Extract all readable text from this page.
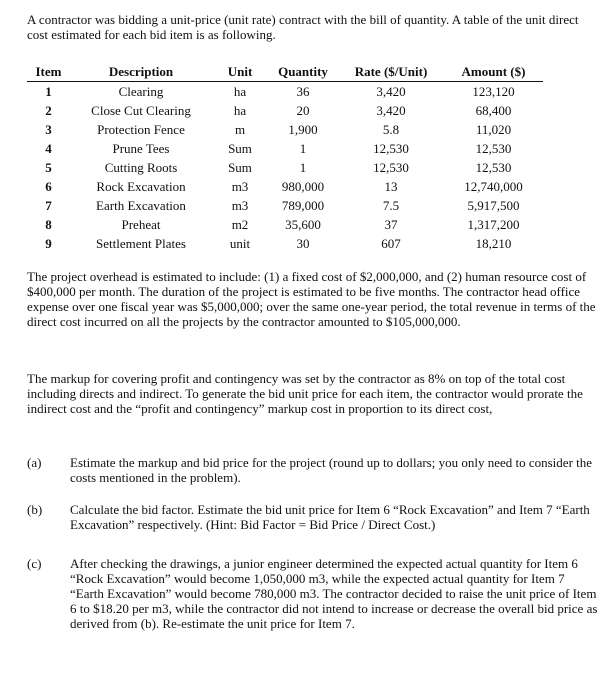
A contractor was bidding a unit-price (unit rate) contract with the bill of quantity. A table of the unit direct cost estimated for each bid item is as following.
Item	Description	Unit	Quantity	Rate ($/Unit)	Amount ($)
1	Clearing	ha	36	3,420	123,120
2	Close Cut Clearing	ha	20	3,420	68,400
3	Protection Fence	m	1,900	5.8	11,020
4	Prune Tees	Sum	1	12,530	12,530
5	Cutting Roots	Sum	1	12,530	12,530
6	Rock Excavation	m3	980,000	13	12,740,000
7	Earth Excavation	m3	789,000	7.5	5,917,500
8	Preheat	m2	35,600	37	1,317,200
9	Settlement Plates	unit	30	607	18,210
The project overhead is estimated to include: (1) a fixed cost of $2,000,000, and (2) human resource cost of $400,000 per month. The duration of the project is estimated to be five months. The contractor head office expense over one fiscal year was $5,000,000; over the same one-year period, the total revenue in terms of the direct cost incurred on all the projects by the contractor amounted to $105,000,000.
The markup for covering profit and contingency was set by the contractor as 8% on top of the total cost including directs and indirect. To generate the bid unit price for each item, the contractor would prorate the indirect cost and the “profit and contingency” markup cost in proportion to its direct cost,
(a) Estimate the markup and bid price for the project (round up to dollars; you only need to consider the costs mentioned in the problem).
(b) Calculate the bid factor. Estimate the bid unit price for Item 6 “Rock Excavation” and Item 7 “Earth Excavation” respectively. (Hint: Bid Factor = Bid Price / Direct Cost.)
(c) After checking the drawings, a junior engineer determined the expected actual quantity for Item 6 “Rock Excavation” would become 1,050,000 m3, while the expected actual quantity for Item 7 “Earth Excavation” would become 780,000 m3. The contractor decided to raise the unit price of Item 6 to $18.20 per m3, while the contractor did not intend to increase or decrease the overall bid price as derived from (b). Re-estimate the unit price for Item 7.
